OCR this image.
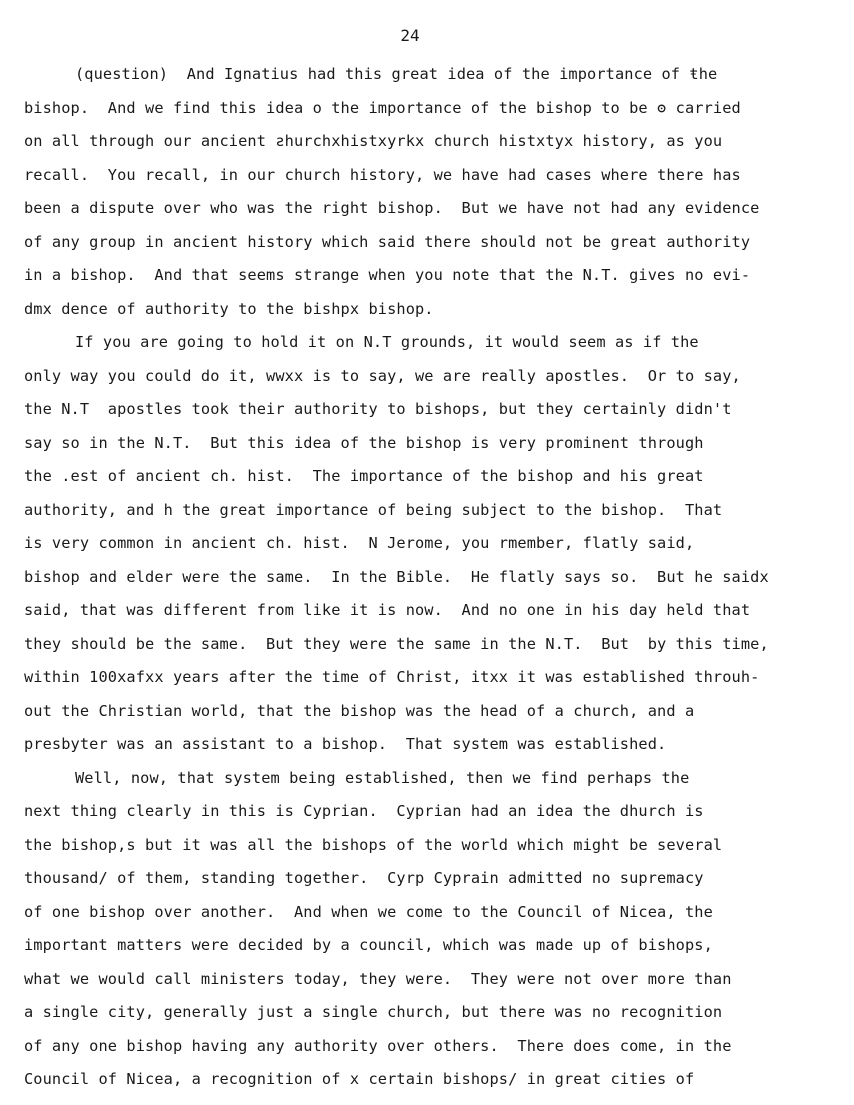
24
(question)  And Ignatius had this great idea of the importance of ŧhe
bishop.  And we find this idea o the importance of the bishop to be ʘ carried
on all through our ancient ƨhurchxhistxyrkx church histxtyx history, as you
recall.  You recall, in our church history, we have had cases where there has
been a dispute over who was the right bishop.  But we have not had any evidence
of any group in ancient history which said there should not be great authority
in a bishop.  And that seems strange when you note that the N.T. gives no evi-
dmx dence of authority to the bishpx bishop.
If you are going to hold it on N.T grounds, it would seem as if the
only way you could do it, wwxx is to say, we are really apostles.  Or to say,
the N.T  apostles took their authority to bishops, but they certainly didn't
say so in the N.T.  But this idea of the bishop is very prominent through
the .est of ancient ch. hist.  The importance of the bishop and his great
authority, and h the great importance of being subject to the bishop.  That
is very common in ancient ch. hist.  N Jerome, you rmember, flatly said,
bishop and elder were the same.  In the Bible.  He flatly says so.  But he saidx
said, that was different from like it is now.  And no one in his day held that
they should be the same.  But they were the same in the N.T.  But  by this time,
within 100xafxx years after the time of Christ, itxx it was established throuh-
out the Christian world, that the bishop was the head of a church, and a
presbyter was an assistant to a bishop.  That system was established.
Well, now, that system being established, then we find perhaps the
next thing clearly in this is Cyprian.  Cyprian had an idea the dhurch is
the bishop,s but it was all the bishops of the world which might be several
thousand/ of them, standing together.  Cyrp Cyprain admitted no supremacy
of one bishop over another.  And when we come to the Council of Nicea, the
important matters were decided by a council, which was made up of bishops,
what we would call ministers today, they were.  They were not over more than
a single city, generally just a single church, but there was no recognition
of any one bishop having any authority over others.  There does come, in the
Council of Nicea, a recognition of x certain bishops/ in great cities of
